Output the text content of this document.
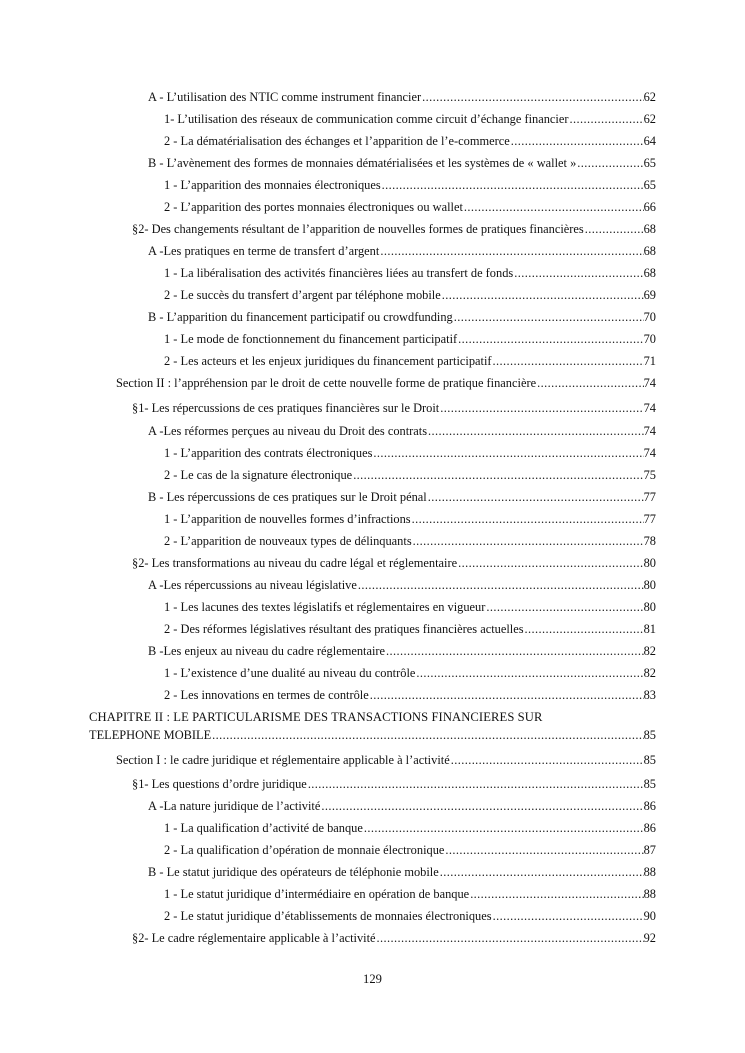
A - L’utilisation des NTIC comme instrument financier .....	62
1- L’utilisation des réseaux de communication comme circuit d’échange financier .....	62
2 - La dématérialisation des échanges et l’apparition de l’e-commerce .....	64
B - L’avènement des formes de monnaies dématérialisées et les systèmes de « wallet » .....	65
1 - L’apparition des monnaies électroniques .....	65
2 - L’apparition des portes monnaies électroniques ou wallet .....	66
§2- Des changements résultant de l’apparition de nouvelles formes de pratiques financières .....	68
A -Les pratiques en terme de transfert d’argent .....	68
1 - La libéralisation des activités financières liées au transfert de fonds .....	68
2 - Le succès du transfert d’argent par téléphone mobile .....	69
B - L’apparition du financement participatif ou crowdfunding .....	70
1 - Le mode de fonctionnement du financement participatif .....	70
2 - Les acteurs et les enjeux juridiques du financement participatif .....	71
Section II : l’appréhension par le droit de cette nouvelle forme de pratique financière .....	74
§1- Les répercussions de ces pratiques financières sur le Droit .....	74
A -Les réformes perçues au niveau du Droit des contrats .....	74
1 - L’apparition des contrats électroniques .....	74
2 - Le cas de la signature électronique .....	75
B - Les répercussions de ces pratiques sur le Droit pénal .....	77
1 - L’apparition de nouvelles formes d’infractions .....	77
2 - L’apparition de nouveaux types de délinquants .....	78
§2- Les transformations au niveau du cadre légal et réglementaire .....	80
A -Les répercussions au niveau législative .....	80
1 - Les lacunes des textes législatifs et réglementaires en vigueur .....	80
2 - Des réformes législatives résultant des pratiques financières actuelles .....	81
B -Les enjeux au niveau du cadre réglementaire .....	82
1 - L’existence d’une dualité au niveau du contrôle .....	82
2 - Les innovations en termes de contrôle .....	83
CHAPITRE II : LE PARTICULARISME DES TRANSACTIONS FINANCIERES SUR
TELEPHONE MOBILE .....	85
Section I : le cadre juridique et réglementaire applicable à l’activité .....	85
§1- Les questions d’ordre juridique .....	85
A -La nature juridique de l’activité .....	86
1 - La qualification d’activité de banque .....	86
2 - La qualification d’opération de monnaie électronique .....	87
B - Le statut juridique des opérateurs de téléphonie mobile .....	88
1 - Le statut juridique d’intermédiaire en opération de banque .....	88
2 - Le statut juridique d’établissements de monnaies électroniques .....	90
§2- Le cadre réglementaire applicable à l’activité .....	92
129
